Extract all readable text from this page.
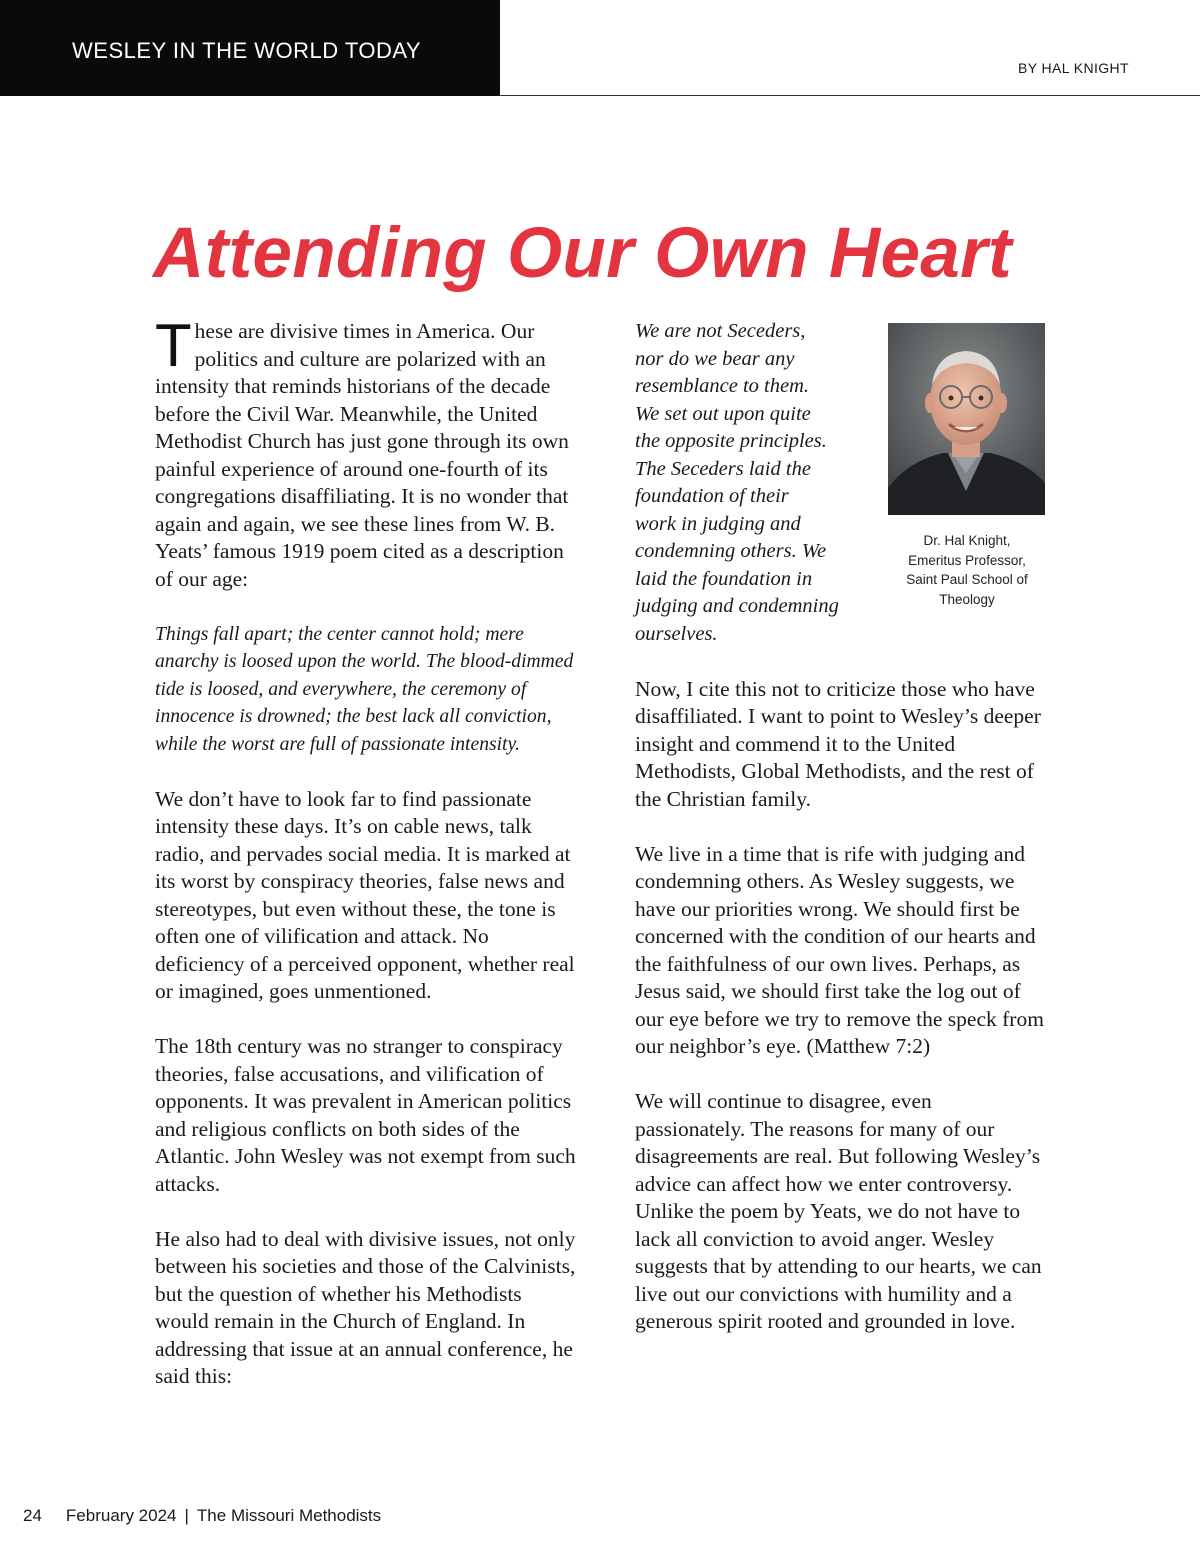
WESLEY IN THE WORLD TODAY
BY HAL KNIGHT
Attending Our Own Heart

These are divisive times in America. Our politics and culture are polarized with an intensity that reminds historians of the decade before the Civil War. Meanwhile, the United Methodist Church has just gone through its own painful experience of around one-fourth of its congregations disaffiliating. It is no wonder that again and again, we see these lines from W. B. Yeats’ famous 1919 poem cited as a description of our age:

Things fall apart; the center cannot hold; mere anarchy is loosed upon the world. The blood-dimmed tide is loosed, and everywhere, the ceremony of innocence is drowned; the best lack all conviction, while the worst are full of passionate intensity.

We don’t have to look far to find passionate intensity these days. It’s on cable news, talk radio, and pervades social media. It is marked at its worst by conspiracy theories, false news and stereotypes, but even without these, the tone is often one of vilification and attack. No deficiency of a perceived opponent, whether real or imagined, goes unmentioned.

The 18th century was no stranger to conspiracy theories, false accusations, and vilification of opponents. It was prevalent in American politics and religious conflicts on both sides of the Atlantic. John Wesley was not exempt from such attacks.

He also had to deal with divisive issues, not only between his societies and those of the Calvinists, but the question of whether his Methodists would remain in the Church of England. In addressing that issue at an annual conference, he said this:

We are not Seceders,
nor do we bear any
resemblance to them.
We set out upon quite
the opposite principles.
The Seceders laid the
foundation of their
work in judging and
condemning others. We
laid the foundation in
judging and condemning
ourselves.

Now, I cite this not to criticize those who have disaffiliated. I want to point to Wesley’s deeper insight and commend it to the United Methodists, Global Methodists, and the rest of the Christian family.

We live in a time that is rife with judging and condemning others. As Wesley suggests, we have our priorities wrong. We should first be concerned with the condition of our hearts and the faithfulness of our own lives. Perhaps, as Jesus said, we should first take the log out of our eye before we try to remove the speck from our neighbor’s eye. (Matthew 7:2)

We will continue to disagree, even passionately. The reasons for many of our disagreements are real. But following Wesley’s advice can affect how we enter controversy. Unlike the poem by Yeats, we do not have to lack all conviction to avoid anger. Wesley suggests that by attending to our hearts, we can live out our convictions with humility and a generous spirit rooted and grounded in love.

Dr. Hal Knight,
Emeritus Professor,
Saint Paul School of
Theology
24 February 2024 | The Missouri Methodists
